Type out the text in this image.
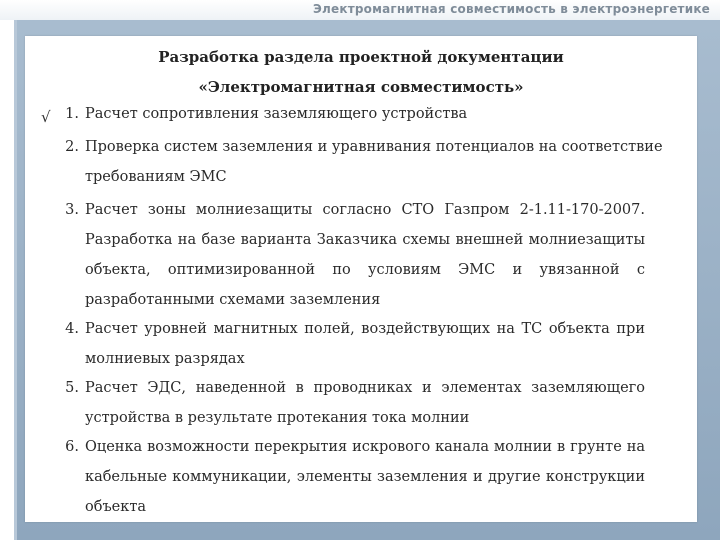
Электромагнитная совместимость в электроэнергетике
Разработка раздела проектной документации
«Электромагнитная совместимость»
√	1. Расчет сопротивления заземляющего устройства
2. Проверка систем заземления и уравнивания потенциалов на соответствие
требованиям ЭМС
3. Расчет зоны молниезащиты согласно СТО Газпром 2-1.11-170-2007.
Разработка на базе варианта Заказчика схемы внешней молниезащиты
объекта, оптимизированной по условиям ЭМС и увязанной с
разработанными схемами заземления
4. Расчет уровней магнитных полей, воздействующих на ТС объекта при
молниевых разрядах
5. Расчет ЭДС, наведенной в проводниках и элементах заземляющего
устройства в результате протекания тока молнии
6. Оценка возможности перекрытия искрового канала молнии в грунте на
кабельные коммуникации, элементы заземления и другие конструкции
объекта
